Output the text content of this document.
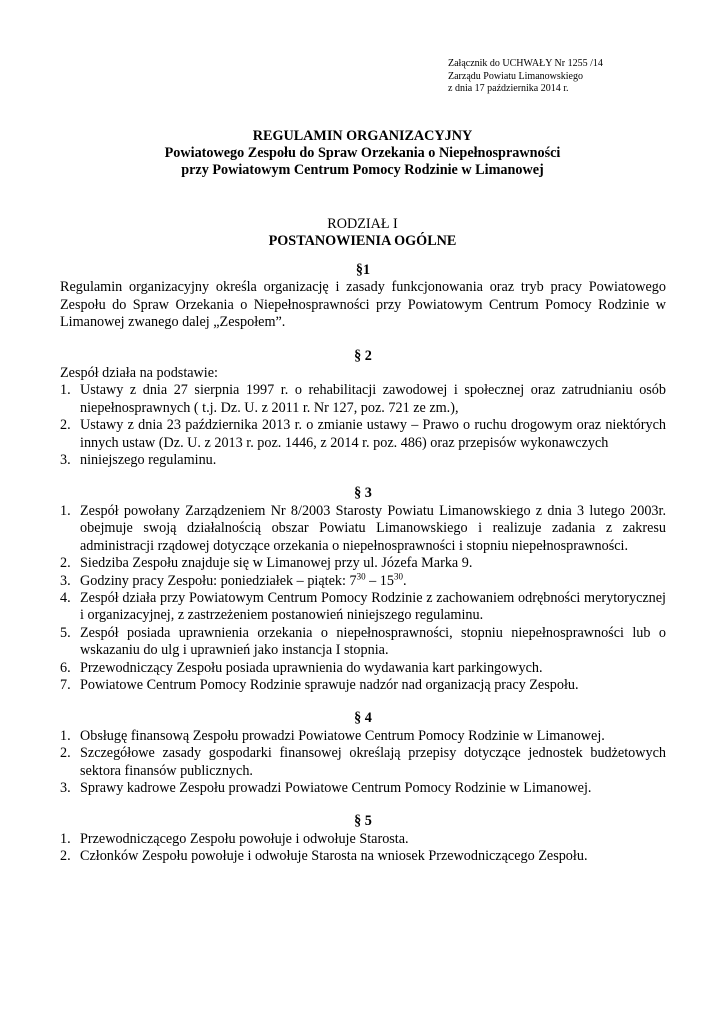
Załącznik do UCHWAŁY Nr 1255 /14
Zarządu Powiatu Limanowskiego
z dnia 17 października 2014 r.
REGULAMIN ORGANIZACYJNY
Powiatowego Zespołu do Spraw Orzekania o Niepełnosprawności
przy Powiatowym Centrum Pomocy Rodzinie w Limanowej
RODZIAŁ I
POSTANOWIENIA OGÓLNE

§1

Regulamin organizacyjny określa organizację i zasady funkcjonowania oraz tryb pracy Powiatowego Zespołu do Spraw Orzekania o Niepełnosprawności przy Powiatowym Centrum Pomocy Rodzinie w Limanowej zwanego dalej „Zespołem”.

§ 2

Zespół działa na podstawie:

1. Ustawy z dnia 27 sierpnia 1997 r. o rehabilitacji zawodowej i społecznej oraz zatrudnianiu osób niepełnosprawnych ( t.j. Dz. U. z 2011 r. Nr 127, poz. 721 ze zm.),
2. Ustawy z dnia 23 października 2013 r. o zmianie ustawy – Prawo o ruchu drogowym oraz niektórych innych ustaw (Dz. U. z 2013 r. poz. 1446, z 2014 r. poz. 486) oraz przepisów wykonawczych
3. niniejszego regulaminu.

§ 3

1. Zespół powołany Zarządzeniem Nr 8/2003 Starosty Powiatu Limanowskiego z dnia 3 lutego 2003r. obejmuje swoją działalnością obszar Powiatu Limanowskiego i realizuje zadania z zakresu administracji rządowej dotyczące orzekania o niepełnosprawności i stopniu niepełnosprawności.
2. Siedziba Zespołu znajduje się w Limanowej przy ul. Józefa Marka 9.
3. Godziny pracy Zespołu: poniedziałek – piątek: $7^{30} - 15^{30}$.
4. Zespół działa przy Powiatowym Centrum Pomocy Rodzinie z zachowaniem odrębności merytorycznej i organizacyjnej, z zastrzeżeniem postanowień niniejszego regulaminu.
5. Zespół posiada uprawnienia orzekania o niepełnosprawności, stopniu niepełnosprawności lub o wskazaniu do ulg i uprawnień jako instancja I stopnia.
6. Przewodniczący Zespołu posiada uprawnienia do wydawania kart parkingowych.
7. Powiatowe Centrum Pomocy Rodzinie sprawuje nadzór nad organizacją pracy Zespołu.

§ 4

1. Obsługę finansową Zespołu prowadzi Powiatowe Centrum Pomocy Rodzinie w Limanowej.
2. Szczegółowe zasady gospodarki finansowej określają przepisy dotyczące jednostek budżetowych sektora finansów publicznych.
3. Sprawy kadrowe Zespołu prowadzi Powiatowe Centrum Pomocy Rodzinie w Limanowej.

§ 5

1. Przewodniczącego Zespołu powołuje i odwołuje Starosta.
2. Członków Zespołu powołuje i odwołuje Starosta na wniosek Przewodniczącego Zespołu.
